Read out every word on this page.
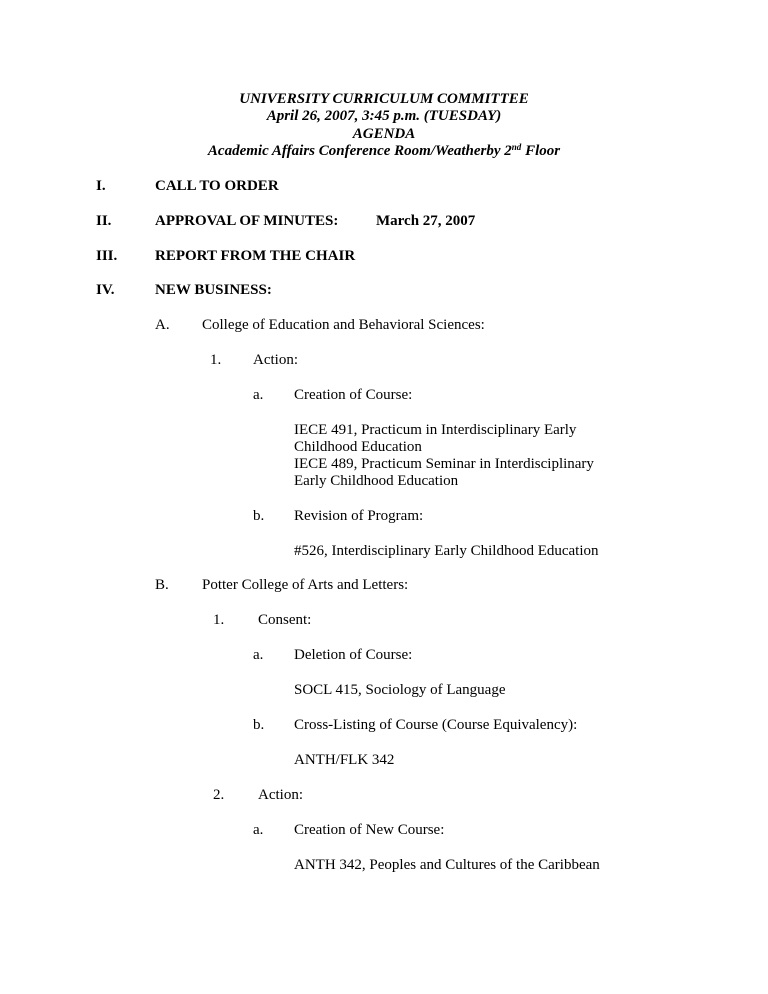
UNIVERSITY CURRICULUM COMMITTEE
April 26, 2007, 3:45 p.m. (TUESDAY)
AGENDA
Academic Affairs Conference Room/Weatherby 2nd Floor
I.	CALL TO ORDER
II.	APPROVAL OF MINUTES:	March 27, 2007
III.	REPORT FROM THE CHAIR
IV.	NEW BUSINESS:
A. College of Education and Behavioral Sciences:
1. Action:
a. Creation of Course:
IECE 491, Practicum in Interdisciplinary Early
Childhood Education
IECE 489, Practicum Seminar in Interdisciplinary
Early Childhood Education
b. Revision of Program:
#526, Interdisciplinary Early Childhood Education
B. Potter College of Arts and Letters:
1. Consent:
a. Deletion of Course:
SOCL 415, Sociology of Language
b. Cross-Listing of Course (Course Equivalency):
ANTH/FLK 342
2. Action:
a. Creation of New Course:
ANTH 342, Peoples and Cultures of the Caribbean
